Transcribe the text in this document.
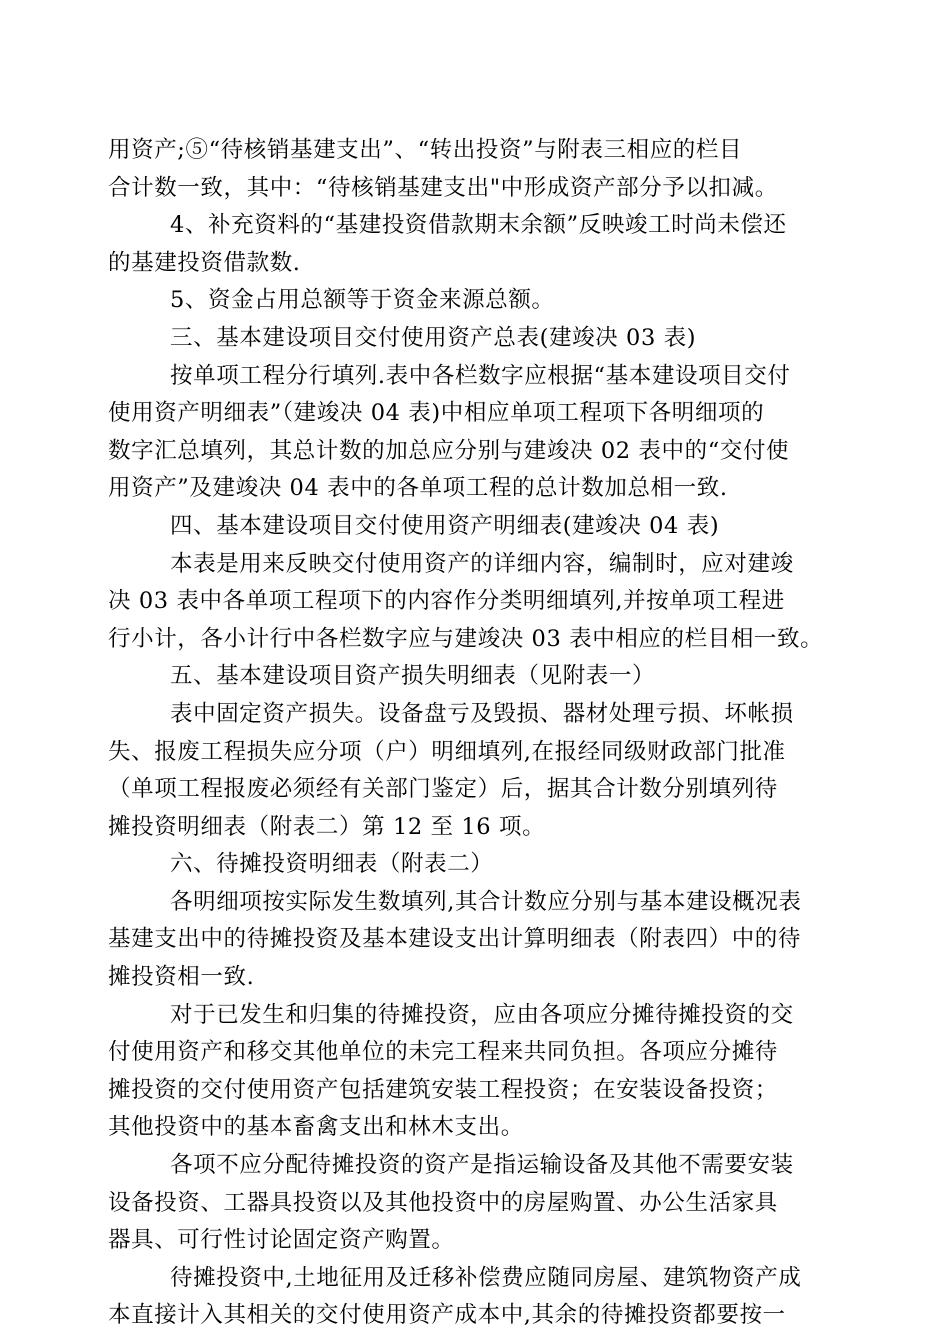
用资产;⑤“待核销基建支出”、“转出投资”与附表三相应的栏目
合计数一致，其中：“待核销基建支出"中形成资产部分予以扣减。
4、补充资料的“基建投资借款期末余额”反映竣工时尚未偿还
的基建投资借款数.
5、资金占用总额等于资金来源总额。
三、基本建设项目交付使用资产总表(建竣决 03 表)
按单项工程分行填列.表中各栏数字应根据“基本建设项目交付
使用资产明细表”（建竣决 04 表)中相应单项工程项下各明细项的
数字汇总填列，其总计数的加总应分别与建竣决 02 表中的“交付使
用资产”及建竣决 04 表中的各单项工程的总计数加总相一致.
四、基本建设项目交付使用资产明细表(建竣决 04 表)
本表是用来反映交付使用资产的详细内容，编制时，应对建竣
决 03 表中各单项工程项下的内容作分类明细填列,并按单项工程进
行小计，各小计行中各栏数字应与建竣决 03 表中相应的栏目相一致。
五、基本建设项目资产损失明细表（见附表一）
表中固定资产损失。设备盘亏及毁损、器材处理亏损、坏帐损
失、报废工程损失应分项（户）明细填列,在报经同级财政部门批准
（单项工程报废必须经有关部门鉴定）后，据其合计数分别填列待
摊投资明细表（附表二）第 12 至 16 项。
六、待摊投资明细表（附表二）
各明细项按实际发生数填列,其合计数应分别与基本建设概况表
基建支出中的待摊投资及基本建设支出计算明细表（附表四）中的待
摊投资相一致.
对于已发生和归集的待摊投资，应由各项应分摊待摊投资的交
付使用资产和移交其他单位的未完工程来共同负担。各项应分摊待
摊投资的交付使用资产包括建筑安装工程投资；在安装设备投资；
其他投资中的基本畜禽支出和林木支出。
各项不应分配待摊投资的资产是指运输设备及其他不需要安装
设备投资、工器具投资以及其他投资中的房屋购置、办公生活家具
器具、可行性讨论固定资产购置。
待摊投资中,土地征用及迁移补偿费应随同房屋、建筑物资产成
本直接计入其相关的交付使用资产成本中,其余的待摊投资都要按一
